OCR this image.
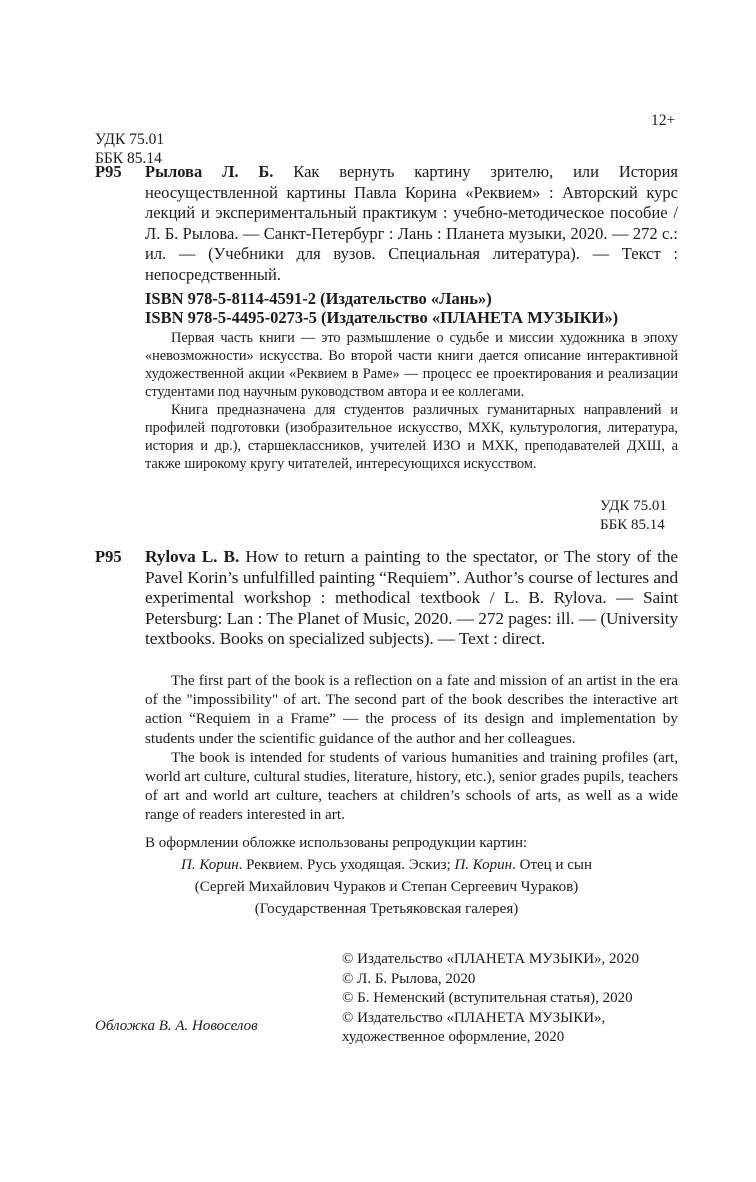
12+
УДК 75.01
ББК 85.14
Р95 Рылова Л. Б. Как вернуть картину зрителю, или История неосуществленной картины Павла Корина «Реквием» : Авторский курс лекций и экспериментальный практикум : учебно-методическое пособие / Л. Б. Рылова. — Санкт-Петербург : Лань : Планета музыки, 2020. — 272 с.: ил. — (Учебники для вузов. Специальная литература). — Текст : непосредственный.
ISBN 978-5-8114-4591-2 (Издательство «Лань»)
ISBN 978-5-4495-0273-5 (Издательство «ПЛАНЕТА МУЗЫКИ»)

Первая часть книги — это размышление о судьбе и миссии художника в эпоху «невозможности» искусства. Во второй части книги дается описание интерактивной художественной акции «Реквием в Раме» — процесс ее проектирования и реализации студентами под научным руководством автора и ее коллегами.

Книга предназначена для студентов различных гуманитарных направлений и профилей подготовки (изобразительное искусство, МХК, культурология, литература, история и др.), старшеклассников, учителей ИЗО и МХК, преподавателей ДХШ, а также широкому кругу читателей, интересующихся искусством.

УДК 75.01
ББК 85.14
Р95 Rylova L. B. How to return a painting to the spectator, or The story of the Pavel Korin’s unfulfilled painting “Requiem”. Author’s course of lectures and experimental workshop : methodical textbook / L. B. Rylova. — Saint Petersburg: Lan : The Planet of Music, 2020. — 272 pages: ill. — (University textbooks. Books on specialized subjects). — Text : direct.

The first part of the book is a reflection on a fate and mission of an artist in the era of the "impossibility" of art. The second part of the book describes the interactive art action “Requiem in a Frame” — the process of its design and implementation by students under the scientific guidance of the author and her colleagues.

The book is intended for students of various humanities and training profiles (art, world art culture, cultural studies, literature, history, etc.), senior grades pupils, teachers of art and world art culture, teachers at children’s schools of arts, as well as a wide range of readers interested in art.

В оформлении обложке использованы репродукции картин:
П. Корин. Реквием. Русь уходящая. Эскиз; П. Корин. Отец и сын
(Сергей Михайлович Чураков и Степан Сергеевич Чураков)
(Государственная Третьяковская галерея)
© Издательство «ПЛАНЕТА МУЗЫКИ», 2020
© Л. Б. Рылова, 2020
© Б. Неменский (вступительная статья), 2020
© Издательство «ПЛАНЕТА МУЗЫКИ», художественное оформление, 2020
Обложка В. А. Новоселов
